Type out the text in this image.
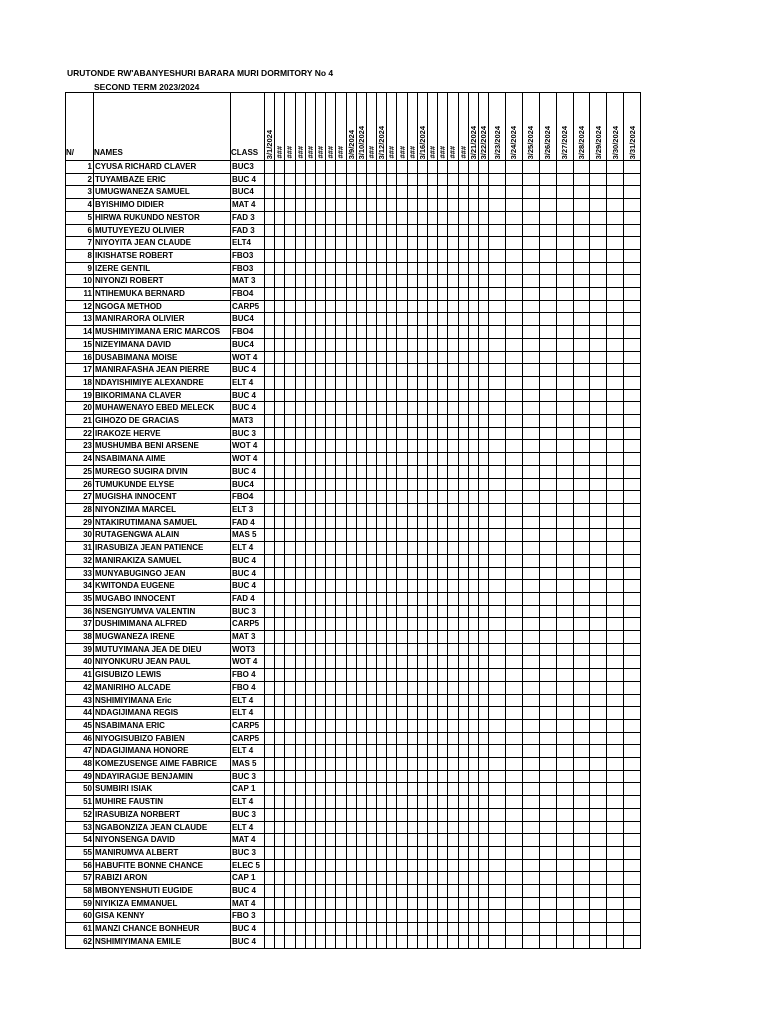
URUTONDE RW'ABANYESHURI BARARA MURI DORMITORY No 4
SECOND TERM 2023/2024
N/	NAMES	CLASS	3/1/2024	###	###	###	###	###	###	###	3/9/2024	3/10/2024	###	3/12/2024	###	###	###	3/16/2024	###	###	###	###	3/21/2024	3/22/2024	3/23/2024	3/24/2024	3/25/2024	3/26/2024	3/27/2024	3/28/2024	3/29/2024	3/30/2024	3/31/2024

1	CYUSA RICHARD CLAVER	BUC3																															
2	TUYAMBAZE ERIC	BUC 4																															
3	UMUGWANEZA SAMUEL	BUC4																															
4	BYISHIMO DIDIER	MAT 4																															
5	HIRWA RUKUNDO NESTOR	FAD 3																															
6	MUTUYEYEZU OLIVIER	FAD 3																															
7	NIYOYITA JEAN CLAUDE	ELT4																															
8	IKISHATSE ROBERT	FBO3																															
9	IZERE GENTIL	FBO3																															
10	NIYONZI ROBERT	MAT 3																															
11	NTIHEMUKA BERNARD	FBO4																															
12	NGOGA METHOD	CARP5																															
13	MANIRARORA OLIVIER	BUC4																															
14	MUSHIMIYIMANA ERIC MARCOS	FBO4																															
15	NIZEYIMANA DAVID	BUC4																															
16	DUSABIMANA MOISE	WOT 4																															
17	MANIRAFASHA JEAN PIERRE	BUC 4																															
18	NDAYISHIMIYE ALEXANDRE	ELT 4																															
19	BIKORIMANA CLAVER	BUC 4																															
20	MUHAWENAYO EBED MELECK	BUC 4																															
21	GIHOZO DE GRACIAS	MAT3																															
22	IRAKOZE HERVE	BUC 3																															
23	MUSHUMBA BENI ARSENE	WOT 4																															
24	NSABIMANA AIME	WOT 4																															
25	MUREGO SUGIRA DIVIN	BUC 4																															
26	TUMUKUNDE ELYSE	BUC4																															
27	MUGISHA INNOCENT	FBO4																															
28	NIYONZIMA MARCEL	ELT 3																															
29	NTAKIRUTIMANA SAMUEL	FAD 4																															
30	RUTAGENGWA ALAIN	MAS 5																															
31	IRASUBIZA JEAN PATIENCE	ELT 4																															
32	MANIRAKIZA SAMUEL	BUC 4																															
33	MUNYABUGINGO JEAN	BUC 4																															
34	KWITONDA EUGENE	BUC 4																															
35	MUGABO INNOCENT	FAD 4																															
36	NSENGIYUMVA VALENTIN	BUC 3																															
37	DUSHIMIMANA ALFRED	CARP5																															
38	MUGWANEZA IRENE	MAT 3																															
39	MUTUYIMANA JEA DE DIEU	WOT3																															
40	NIYONKURU JEAN PAUL	WOT 4																															
41	GISUBIZO LEWIS	FBO 4																															
42	MANIRIHO ALCADE	FBO 4																															
43	NSHIMIYIMANA Eric	ELT 4																															
44	NDAGIJIMANA REGIS	ELT 4																															
45	NSABIMANA ERIC	CARP5																															
46	NIYOGISUBIZO FABIEN	CARP5																															
47	NDAGIJIMANA HONORE	ELT 4																															
48	KOMEZUSENGE AIME FABRICE	MAS 5																															
49	NDAYIRAGIJE BENJAMIN	BUC 3																															
50	SUMBIRI ISIAK	CAP 1																															
51	MUHIRE FAUSTIN	ELT 4																															
52	IRASUBIZA NORBERT	BUC 3																															
53	NGABONZIZA JEAN CLAUDE	ELT 4																															
54	NIYONSENGA DAVID	MAT 4																															
55	MANIRUMVA ALBERT	BUC 3																															
56	HABUFITE BONNE CHANCE	ELEC 5																															
57	RABIZI ARON	CAP 1																															
58	MBONYENSHUTI EUGIDE	BUC 4																															
59	NIYIKIZA EMMANUEL	MAT 4																															
60	GISA KENNY	FBO 3																															
61	MANZI CHANCE BONHEUR	BUC 4																															
62	NSHIMIYIMANA EMILE	BUC 4																															
